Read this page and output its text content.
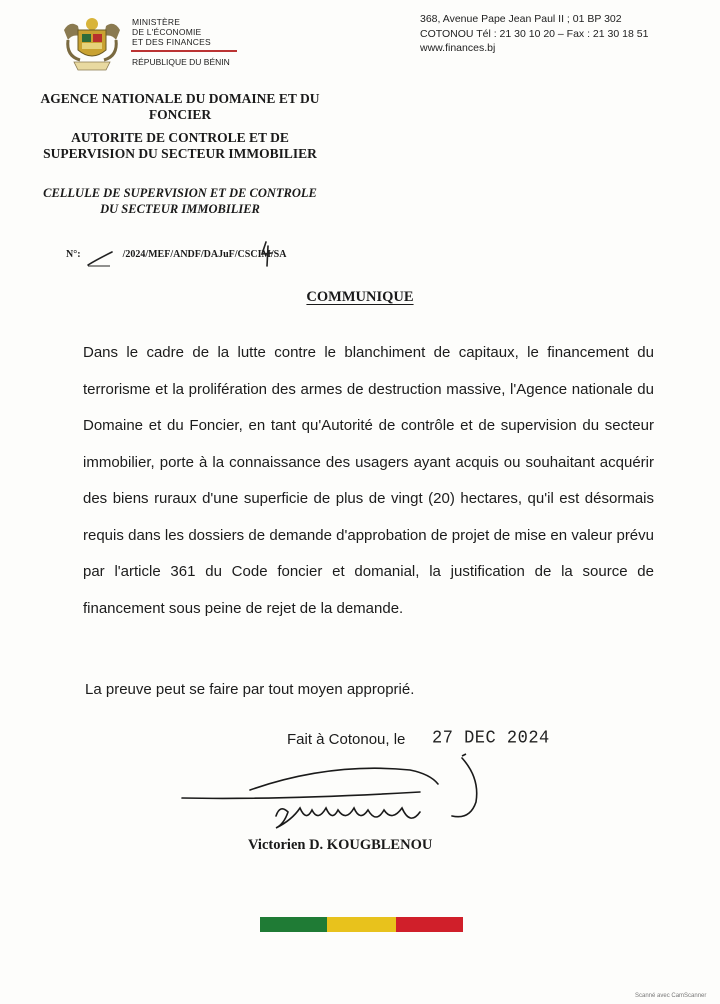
MINISTÈRE
DE L'ÉCONOMIE
ET DES FINANCES
RÉPUBLIQUE DU BÉNIN
368, Avenue Pape Jean Paul II ; 01 BP 302
COTONOU Tél : 21 30 10 20 – Fax : 21 30 18 51
www.finances.bj
AGENCE NATIONALE DU DOMAINE ET DU FONCIER
AUTORITE DE CONTROLE ET DE SUPERVISION DU SECTEUR IMMOBILIER
CELLULE DE SUPERVISION ET DE CONTROLE DU SECTEUR IMMOBILIER
N°:	/2024/MEF/ANDF/DAJuF/CSCIM/SA
COMMUNIQUE
Dans le cadre de la lutte contre le blanchiment de capitaux, le financement du terrorisme et la prolifération des armes de destruction massive, l'Agence nationale du Domaine et du Foncier, en tant qu'Autorité de contrôle et de supervision du secteur immobilier, porte à la connaissance des usagers ayant acquis ou souhaitant acquérir des biens ruraux d'une superficie de plus de vingt (20) hectares, qu'il est désormais requis dans les dossiers de demande d'approbation de projet de mise en valeur prévu par l'article 361 du Code foncier et domanial, la justification de la source de financement sous peine de rejet de la demande.
La preuve peut se faire par tout moyen approprié.
Fait à Cotonou, le 27 DEC 2024
Victorien D. KOUGBLENOU
Scanné avec CamScanner
